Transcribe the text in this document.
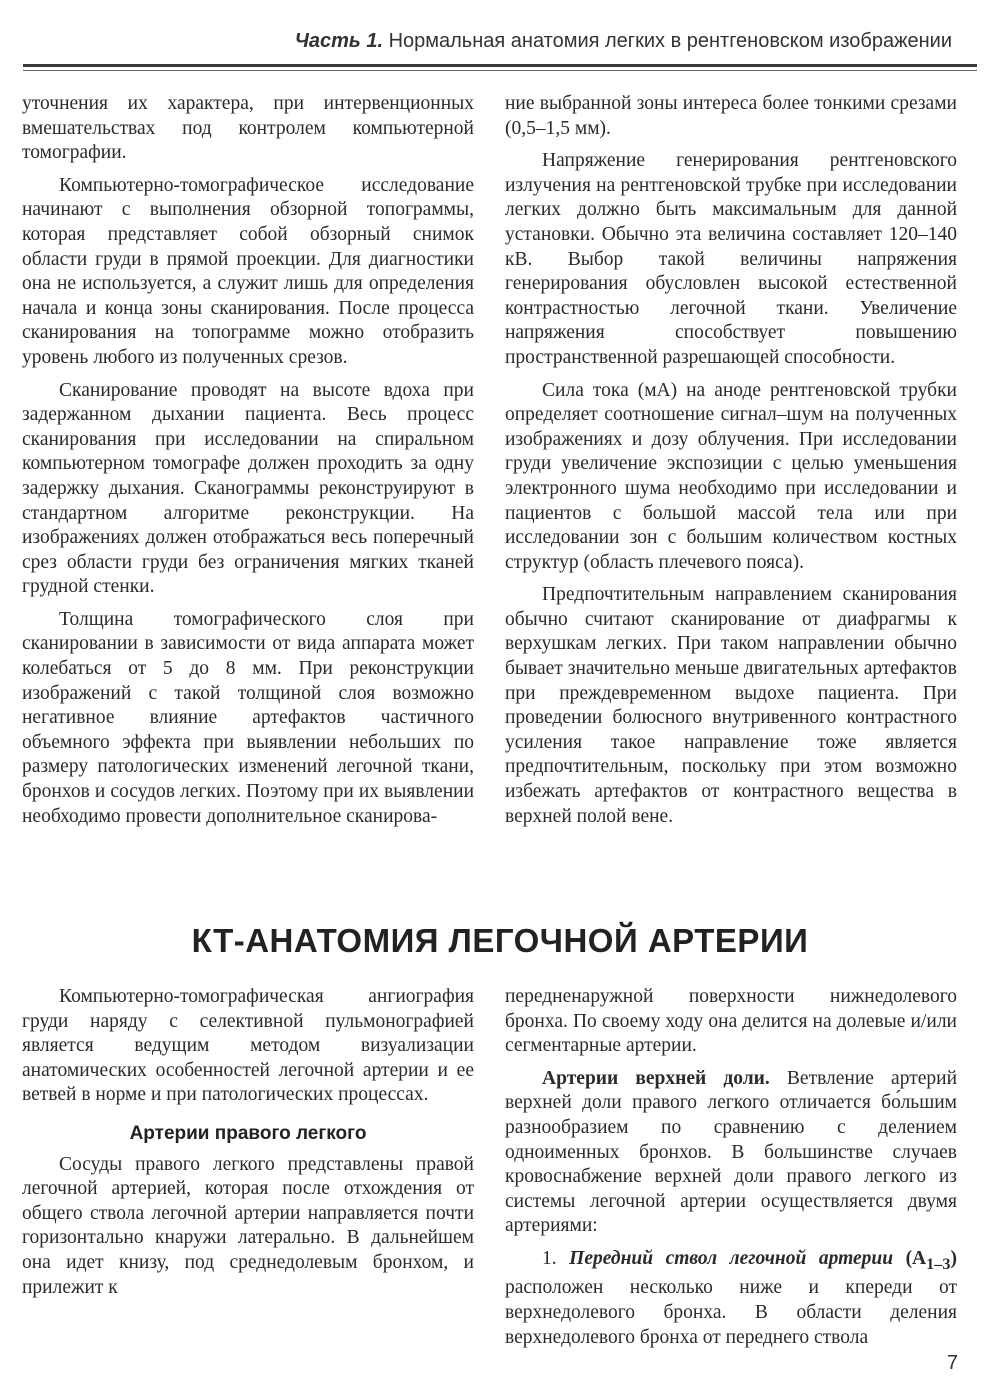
Часть 1. Нормальная анатомия легких в рентгеновском изображении

уточнения их характера, при интервенционных вмешательствах под контролем компьютерной томографии.

Компьютерно-томографическое исследование начинают с выполнения обзорной топограммы, которая представляет собой обзорный снимок области груди в прямой проекции. Для диагностики она не используется, а служит лишь для определения начала и конца зоны сканирования. После процесса сканирования на топограмме можно отобразить уровень любого из полученных срезов.

Сканирование проводят на высоте вдоха при задержанном дыхании пациента. Весь процесс сканирования при исследовании на спиральном компьютерном томографе должен проходить за одну задержку дыхания. Сканограммы реконструируют в стандартном алгоритме реконструкции. На изображениях должен отображаться весь поперечный срез области груди без ограничения мягких тканей грудной стенки.

Толщина томографического слоя при сканировании в зависимости от вида аппарата может колебаться от 5 до 8 мм. При реконструкции изображений с такой толщиной слоя возможно негативное влияние артефактов частичного объемного эффекта при выявлении небольших по размеру патологических изменений легочной ткани, бронхов и сосудов легких. Поэтому при их выявлении необходимо провести дополнительное сканирова-

ние выбранной зоны интереса более тонкими срезами (0,5–1,5 мм).

Напряжение генерирования рентгеновского излучения на рентгеновской трубке при исследовании легких должно быть максимальным для данной установки. Обычно эта величина составляет 120–140 кВ. Выбор такой величины напряжения генерирования обусловлен высокой естественной контрастностью легочной ткани. Увеличение напряжения способствует повышению пространственной разрешающей способности.

Сила тока (мА) на аноде рентгеновской трубки определяет соотношение сигнал–шум на полученных изображениях и дозу облучения. При исследовании груди увеличение экспозиции с целью уменьшения электронного шума необходимо при исследовании и пациентов с большой массой тела или при исследовании зон с большим количеством костных структур (область плечевого пояса).

Предпочтительным направлением сканирования обычно считают сканирование от диафрагмы к верхушкам легких. При таком направлении обычно бывает значительно меньше двигательных артефактов при преждевременном выдохе пациента. При проведении болюсного внутривенного контрастного усиления такое направление тоже является предпочтительным, поскольку при этом возможно избежать артефактов от контрастного вещества в верхней полой вене.

КТ-АНАТОМИЯ ЛЕГОЧНОЙ АРТЕРИИ

Компьютерно-томографическая ангиография груди наряду с селективной пульмонографией является ведущим методом визуализации анатомических особенностей легочной артерии и ее ветвей в норме и при патологических процессах.

Артерии правого легкого

Сосуды правого легкого представлены правой легочной артерией, которая после отхождения от общего ствола легочной артерии направляется почти горизонтально кнаружи латерально. В дальнейшем она идет книзу, под среднедолевым бронхом, и прилежит к

передненаружной поверхности нижнедолевого бронха. По своему ходу она делится на долевые и/или сегментарные артерии.

Артерии верхней доли. Ветвление артерий верхней доли правого легкого отличается бо́льшим разнообразием по сравнению с делением одноименных бронхов. В большинстве случаев кровоснабжение верхней доли правого легкого из системы легочной артерии осуществляется двумя артериями:

1. Передний ствол легочной артерии $(A_{1-3})$ расположен несколько ниже и кпереди от верхнедолевого бронха. В области деления верхнедолевого бронха от переднего ствола

7
